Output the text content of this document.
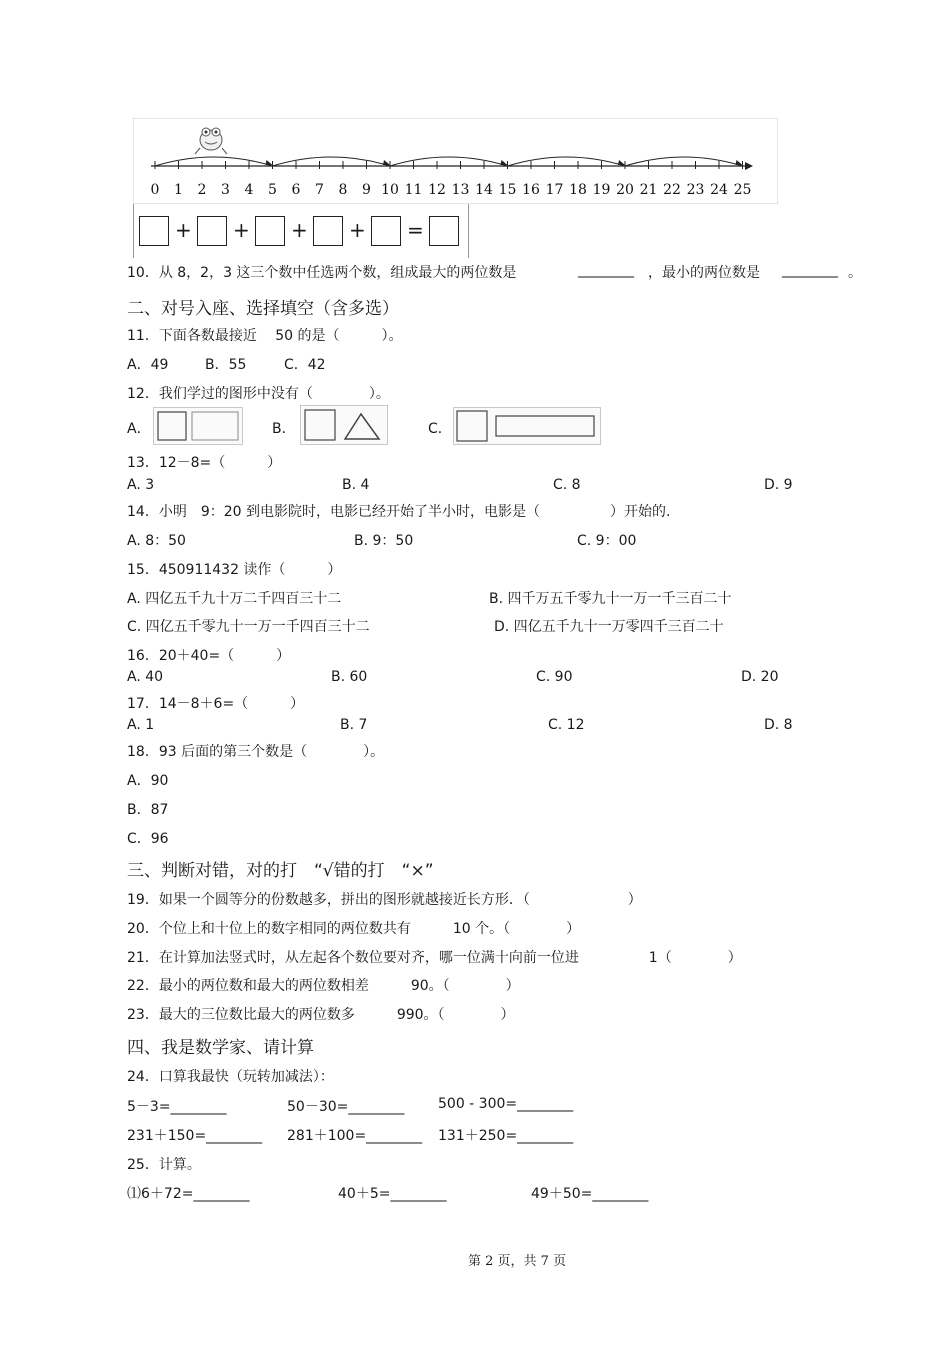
0 1 2 3 4 5 6 7 8 9 10 11 12 13 14 15 16 17 18 19 20 21 22 23 24 25
+ + + + =
10．从 8，2，3 这三个数中任选两个数，组成最大的两位数是	________ ，最小的两位数是 ________ 。
二、对号入座、选择填空（含多选）
11．下面各数最接近　 50 的是（　　　）。
A．49	B．55	C．42
12．我们学过的图形中没有（　　　　）。
A．	B．	C．
13．12－8=（　　　）
A. 3	B. 4	C. 8	D. 9
14．小明　9：20 到电影院时，电影已经开始了半小时，电影是（　　　　　）开始的.
A. 8：50	B. 9：50	C. 9：00
15．450911432 读作（　　　）
A. 四亿五千九十万二千四百三十二	B. 四千万五千零九十一万一千三百二十
C. 四亿五千零九十一万一千四百三十二	D. 四亿五千九十一万零四千三百二十
16．20＋40=（　　　）
A. 40	B. 60	C. 90	D. 20
17．14－8＋6=（　　　）
A. 1	B. 7	C. 12	D. 8
18．93 后面的第三个数是（　　　　）。
A．90
B．87
C．96
三、判断对错，对的打　“√错的打　“×”
19．如果一个圆等分的份数越多，拼出的图形就越接近长方形．（　　　　　　　）
20．个位上和十位上的数字相同的两位数共有　　　10 个。（　　　　）
21．在计算加法竖式时，从左起各个数位要对齐，哪一位满十向前一位进　　　　　1（　　　　）
22．最小的两位数和最大的两位数相差　　　90。（　　　　）
23．最大的三位数比最大的两位数多　　　990。（　　　　）
四、我是数学家、请计算
24．口算我最快（玩转加减法）：
5－3=________	50－30=________ 500 - 300=________
231＋150=________ 281＋100=________ 131＋250=________
25．计算。
⑴6＋72=________	40＋5=________	49＋50=________
第 2 页，共 7 页
